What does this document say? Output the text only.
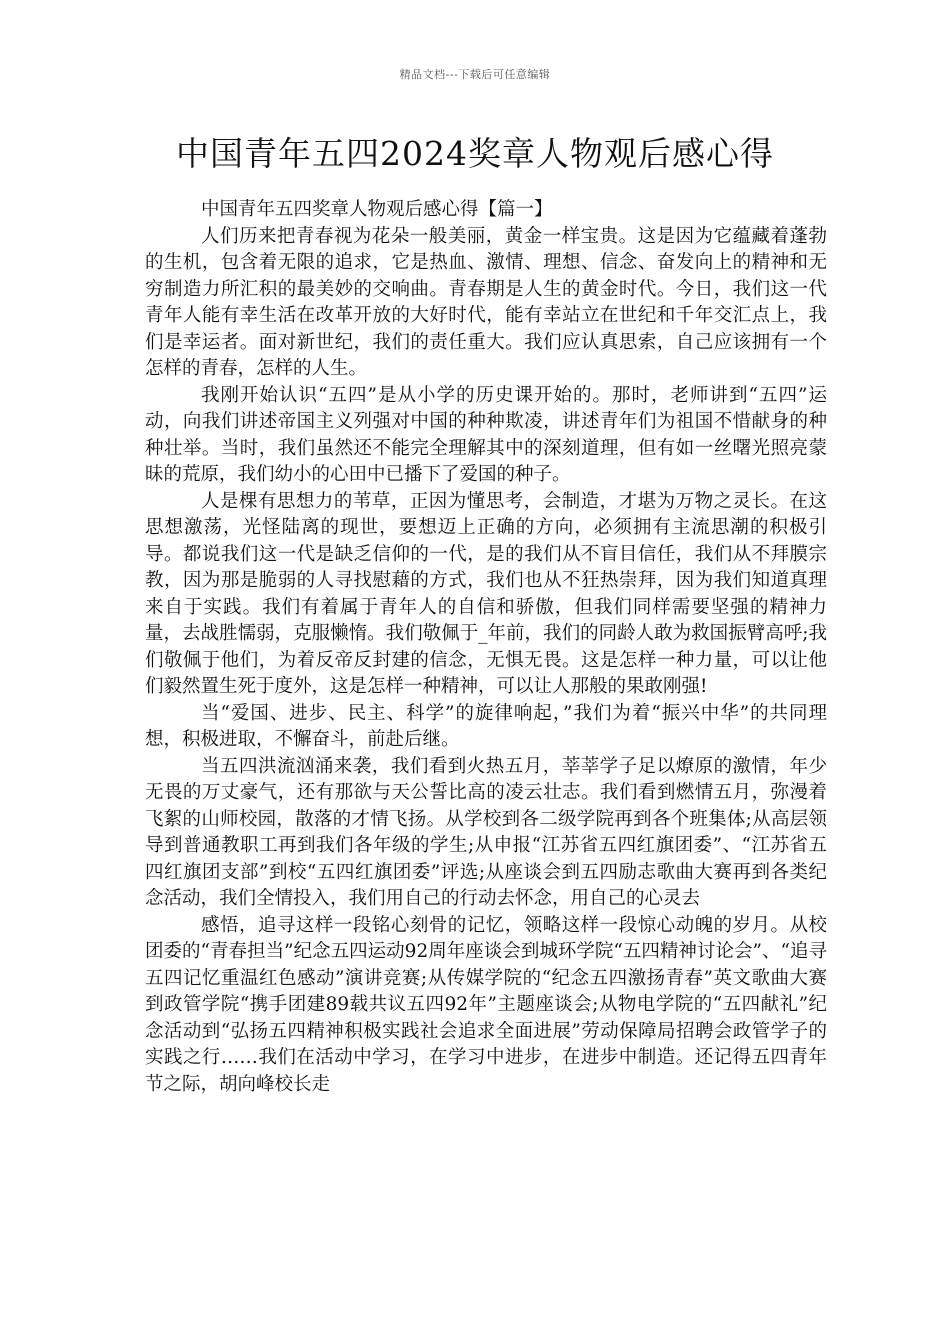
精品文档---下载后可任意编辑
中国青年五四2024奖章人物观后感心得

中国青年五四奖章人物观后感心得【篇一】

人们历来把青春视为花朵一般美丽，黄金一样宝贵。这是因为它蕴藏着蓬勃的生机，包含着无限的追求，它是热血、激情、理想、信念、奋发向上的精神和无穷制造力所汇积的最美妙的交响曲。青春期是人生的黄金时代。今日，我们这一代青年人能有幸生活在改革开放的大好时代，能有幸站立在世纪和千年交汇点上，我们是幸运者。面对新世纪，我们的责任重大。我们应认真思索，自己应该拥有一个怎样的青春，怎样的人生。

我刚开始认识“五四”是从小学的历史课开始的。那时，老师讲到“五四”运动，向我们讲述帝国主义列强对中国的种种欺凌，讲述青年们为祖国不惜献身的种种壮举。当时，我们虽然还不能完全理解其中的深刻道理，但有如一丝曙光照亮蒙昧的荒原，我们幼小的心田中已播下了爱国的种子。

人是棵有思想力的苇草，正因为懂思考，会制造，才堪为万物之灵长。在这思想激荡，光怪陆离的现世，要想迈上正确的方向，必须拥有主流思潮的积极引导。都说我们这一代是缺乏信仰的一代，是的我们从不盲目信任，我们从不拜膜宗教，因为那是脆弱的人寻找慰藉的方式，我们也从不狂热崇拜，因为我们知道真理来自于实践。我们有着属于青年人的自信和骄傲，但我们同样需要坚强的精神力量，去战胜懦弱，克服懒惰。我们敬佩于_年前，我们的同龄人敢为救国振臂高呼;我们敬佩于他们，为着反帝反封建的信念，无惧无畏。这是怎样一种力量，可以让他们毅然置生死于度外，这是怎样一种精神，可以让人那般的果敢刚强!

当“爱国、进步、民主、科学”的旋律响起，”我们为着“振兴中华”的共同理想，积极进取，不懈奋斗，前赴后继。

当五四洪流汹涌来袭，我们看到火热五月，莘莘学子足以燎原的激情，年少无畏的万丈豪气，还有那欲与天公誓比高的凌云壮志。我们看到燃情五月，弥漫着飞絮的山师校园，散落的才情飞扬。从学校到各二级学院再到各个班集体;从高层领导到普通教职工再到我们各年级的学生;从申报“江苏省五四红旗团委”、“江苏省五四红旗团支部”到校“五四红旗团委”评选;从座谈会到五四励志歌曲大赛再到各类纪念活动，我们全情投入，我们用自己的行动去怀念，用自己的心灵去

感悟，追寻这样一段铭心刻骨的记忆，领略这样一段惊心动魄的岁月。从校团委的“青春担当”纪念五四运动92周年座谈会到城环学院“五四精神讨论会”、“追寻五四记忆重温红色感动”演讲竞赛;从传媒学院的“纪念五四激扬青春”英文歌曲大赛到政管学院“携手团建89载共议五四92年”主题座谈会;从物电学院的“五四献礼”纪念活动到“弘扬五四精神积极实践社会追求全面进展”劳动保障局招聘会政管学子的实践之行……我们在活动中学习，在学习中进步，在进步中制造。还记得五四青年节之际，胡向峰校长走
